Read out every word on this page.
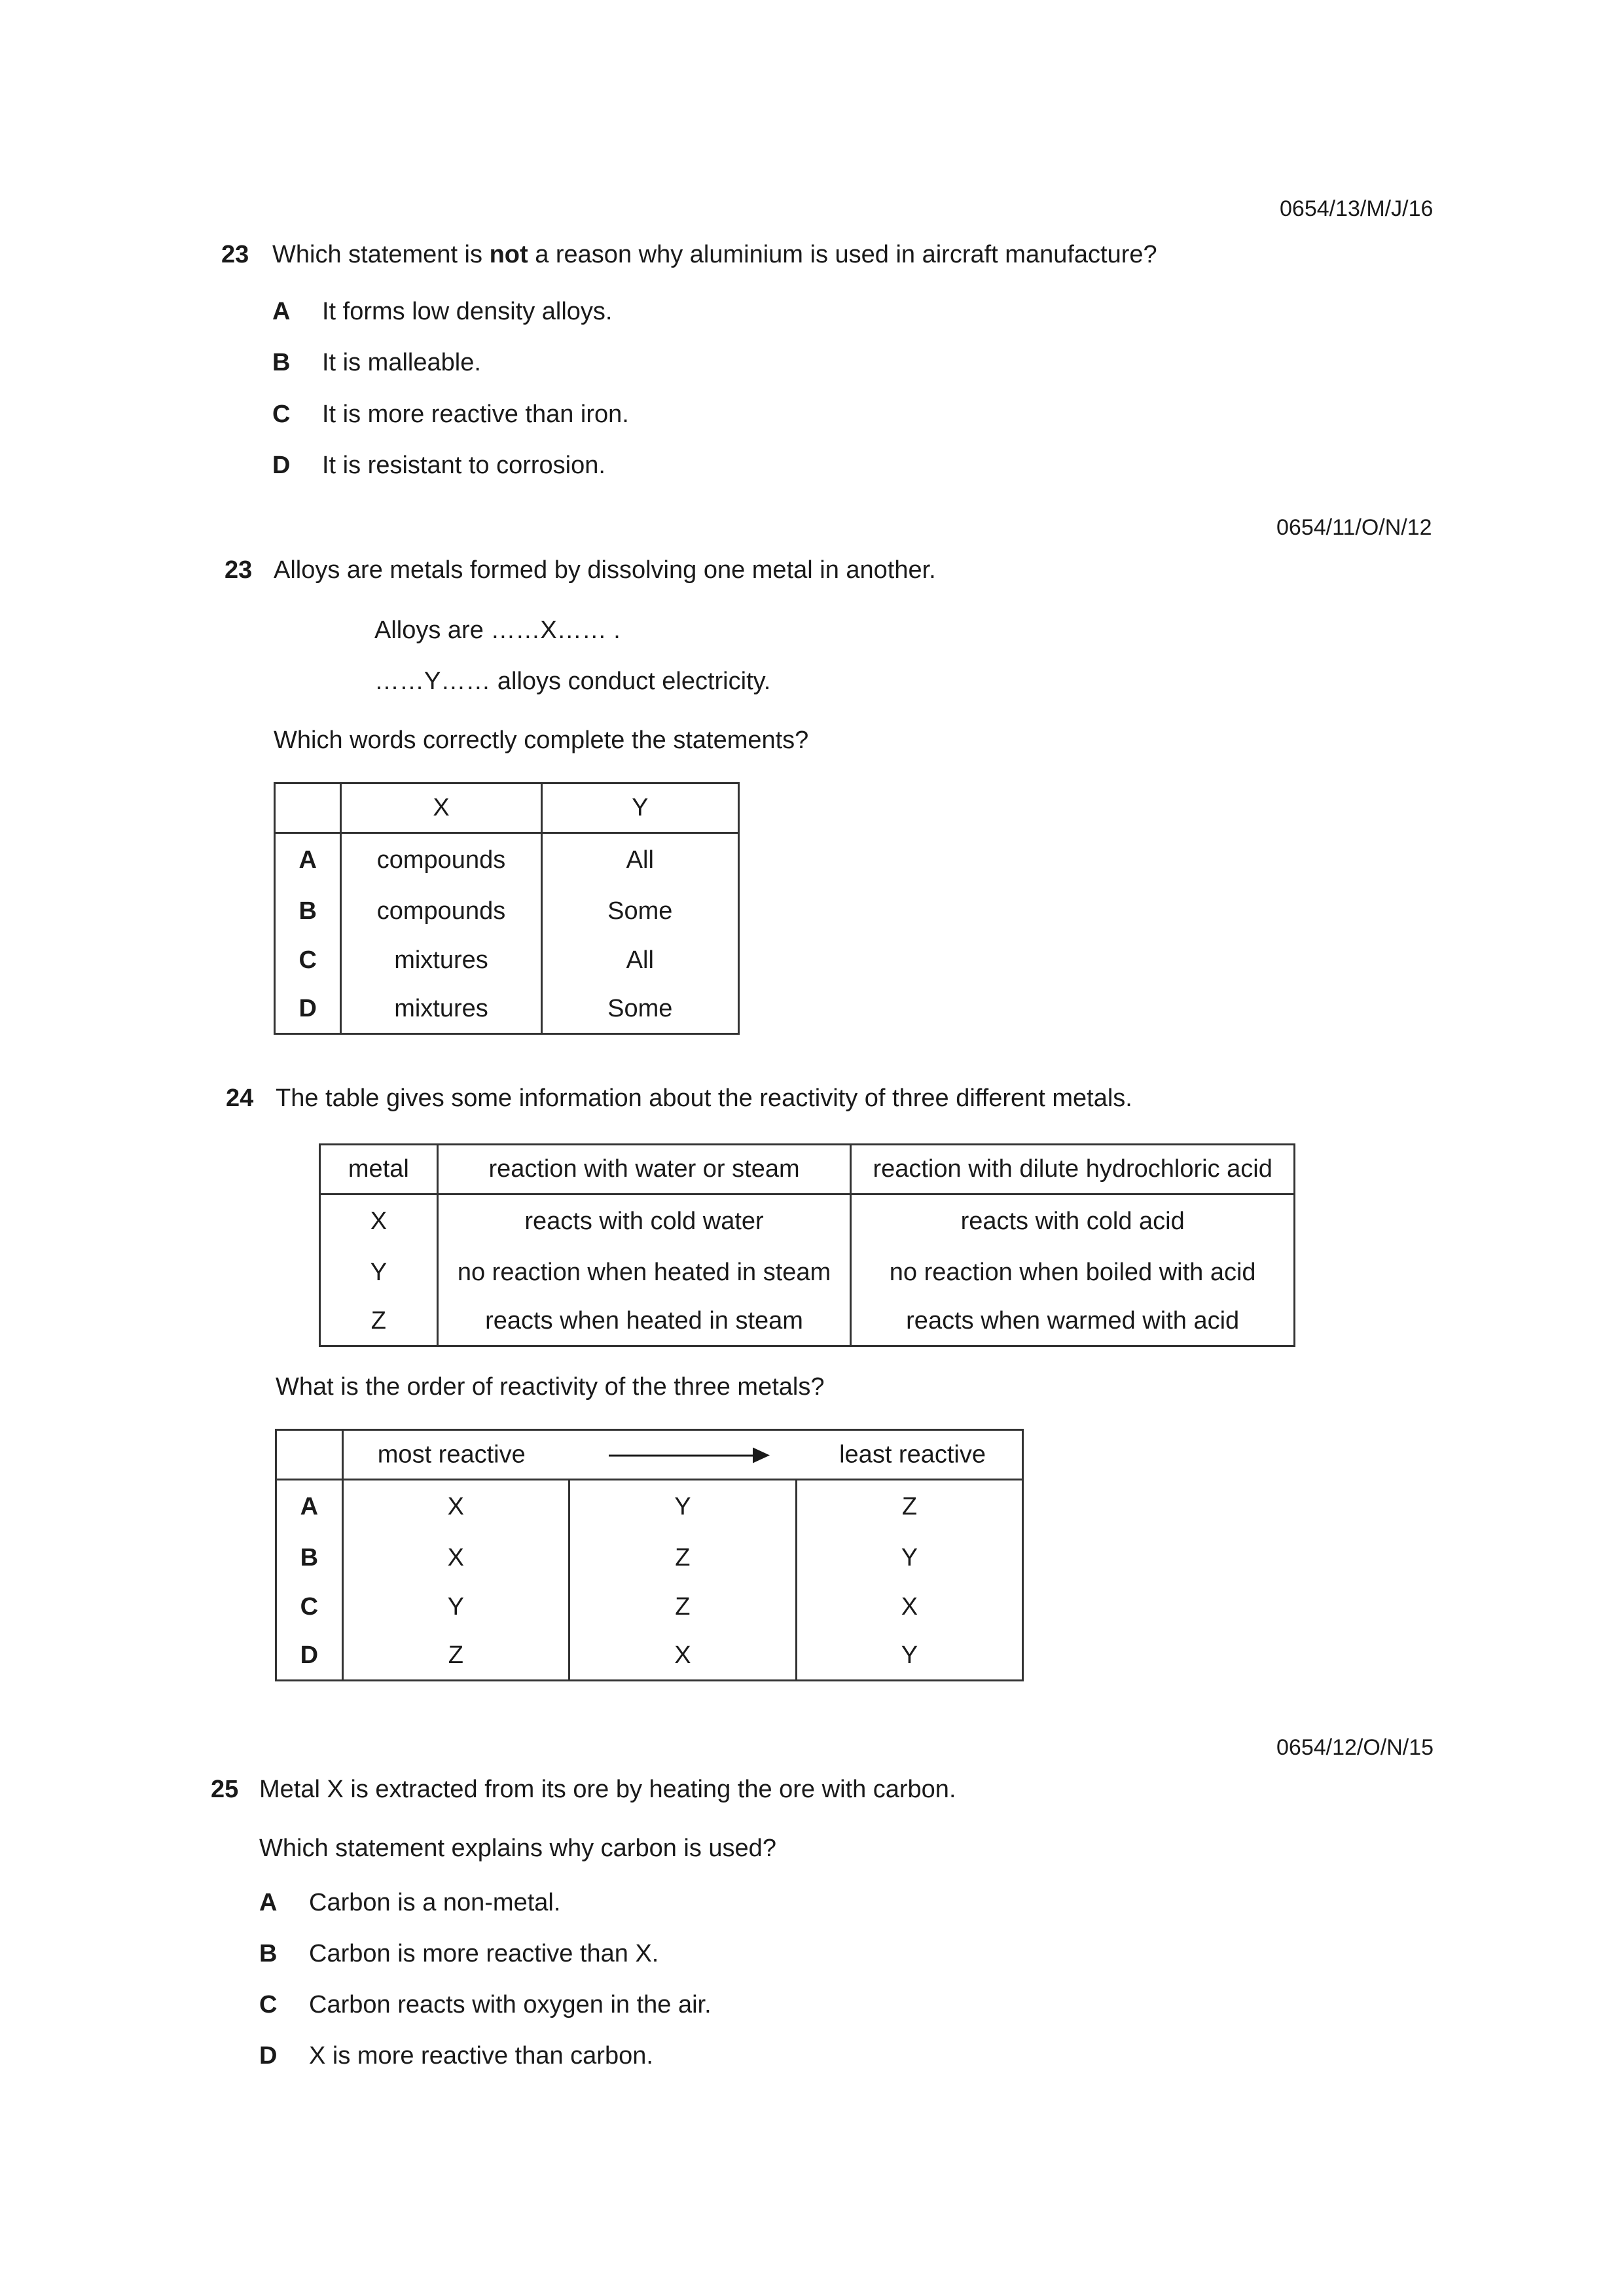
0654/13/M/J/16
23 Which statement is not a reason why aluminium is used in aircraft manufacture?
A It forms low density alloys.
B It is malleable.
C It is more reactive than iron.
D It is resistant to corrosion.
0654/11/O/N/12
23 Alloys are metals formed by dissolving one metal in another.
Alloys are ……X…… .
……Y…… alloys conduct electricity.
Which words correctly complete the statements?
	X	Y
A	compounds	All
B	compounds	Some
C	mixtures	All
D	mixtures	Some
24 The table gives some information about the reactivity of three different metals.
metal	reaction with water or steam	reaction with dilute hydrochloric acid
X	reacts with cold water	reacts with cold acid
Y	no reaction when heated in steam	no reaction when boiled with acid
Z	reacts when heated in steam	reacts when warmed with acid
What is the order of reactivity of the three metals?

	most reactive least reactive		

A	X	Y	Z
B	X	Z	Y
C	Y	Z	X
D	Z	X	Y
0654/12/O/N/15
25 Metal X is extracted from its ore by heating the ore with carbon.
Which statement explains why carbon is used?
A Carbon is a non-metal.
B Carbon is more reactive than X.
C Carbon reacts with oxygen in the air.
D X is more reactive than carbon.
